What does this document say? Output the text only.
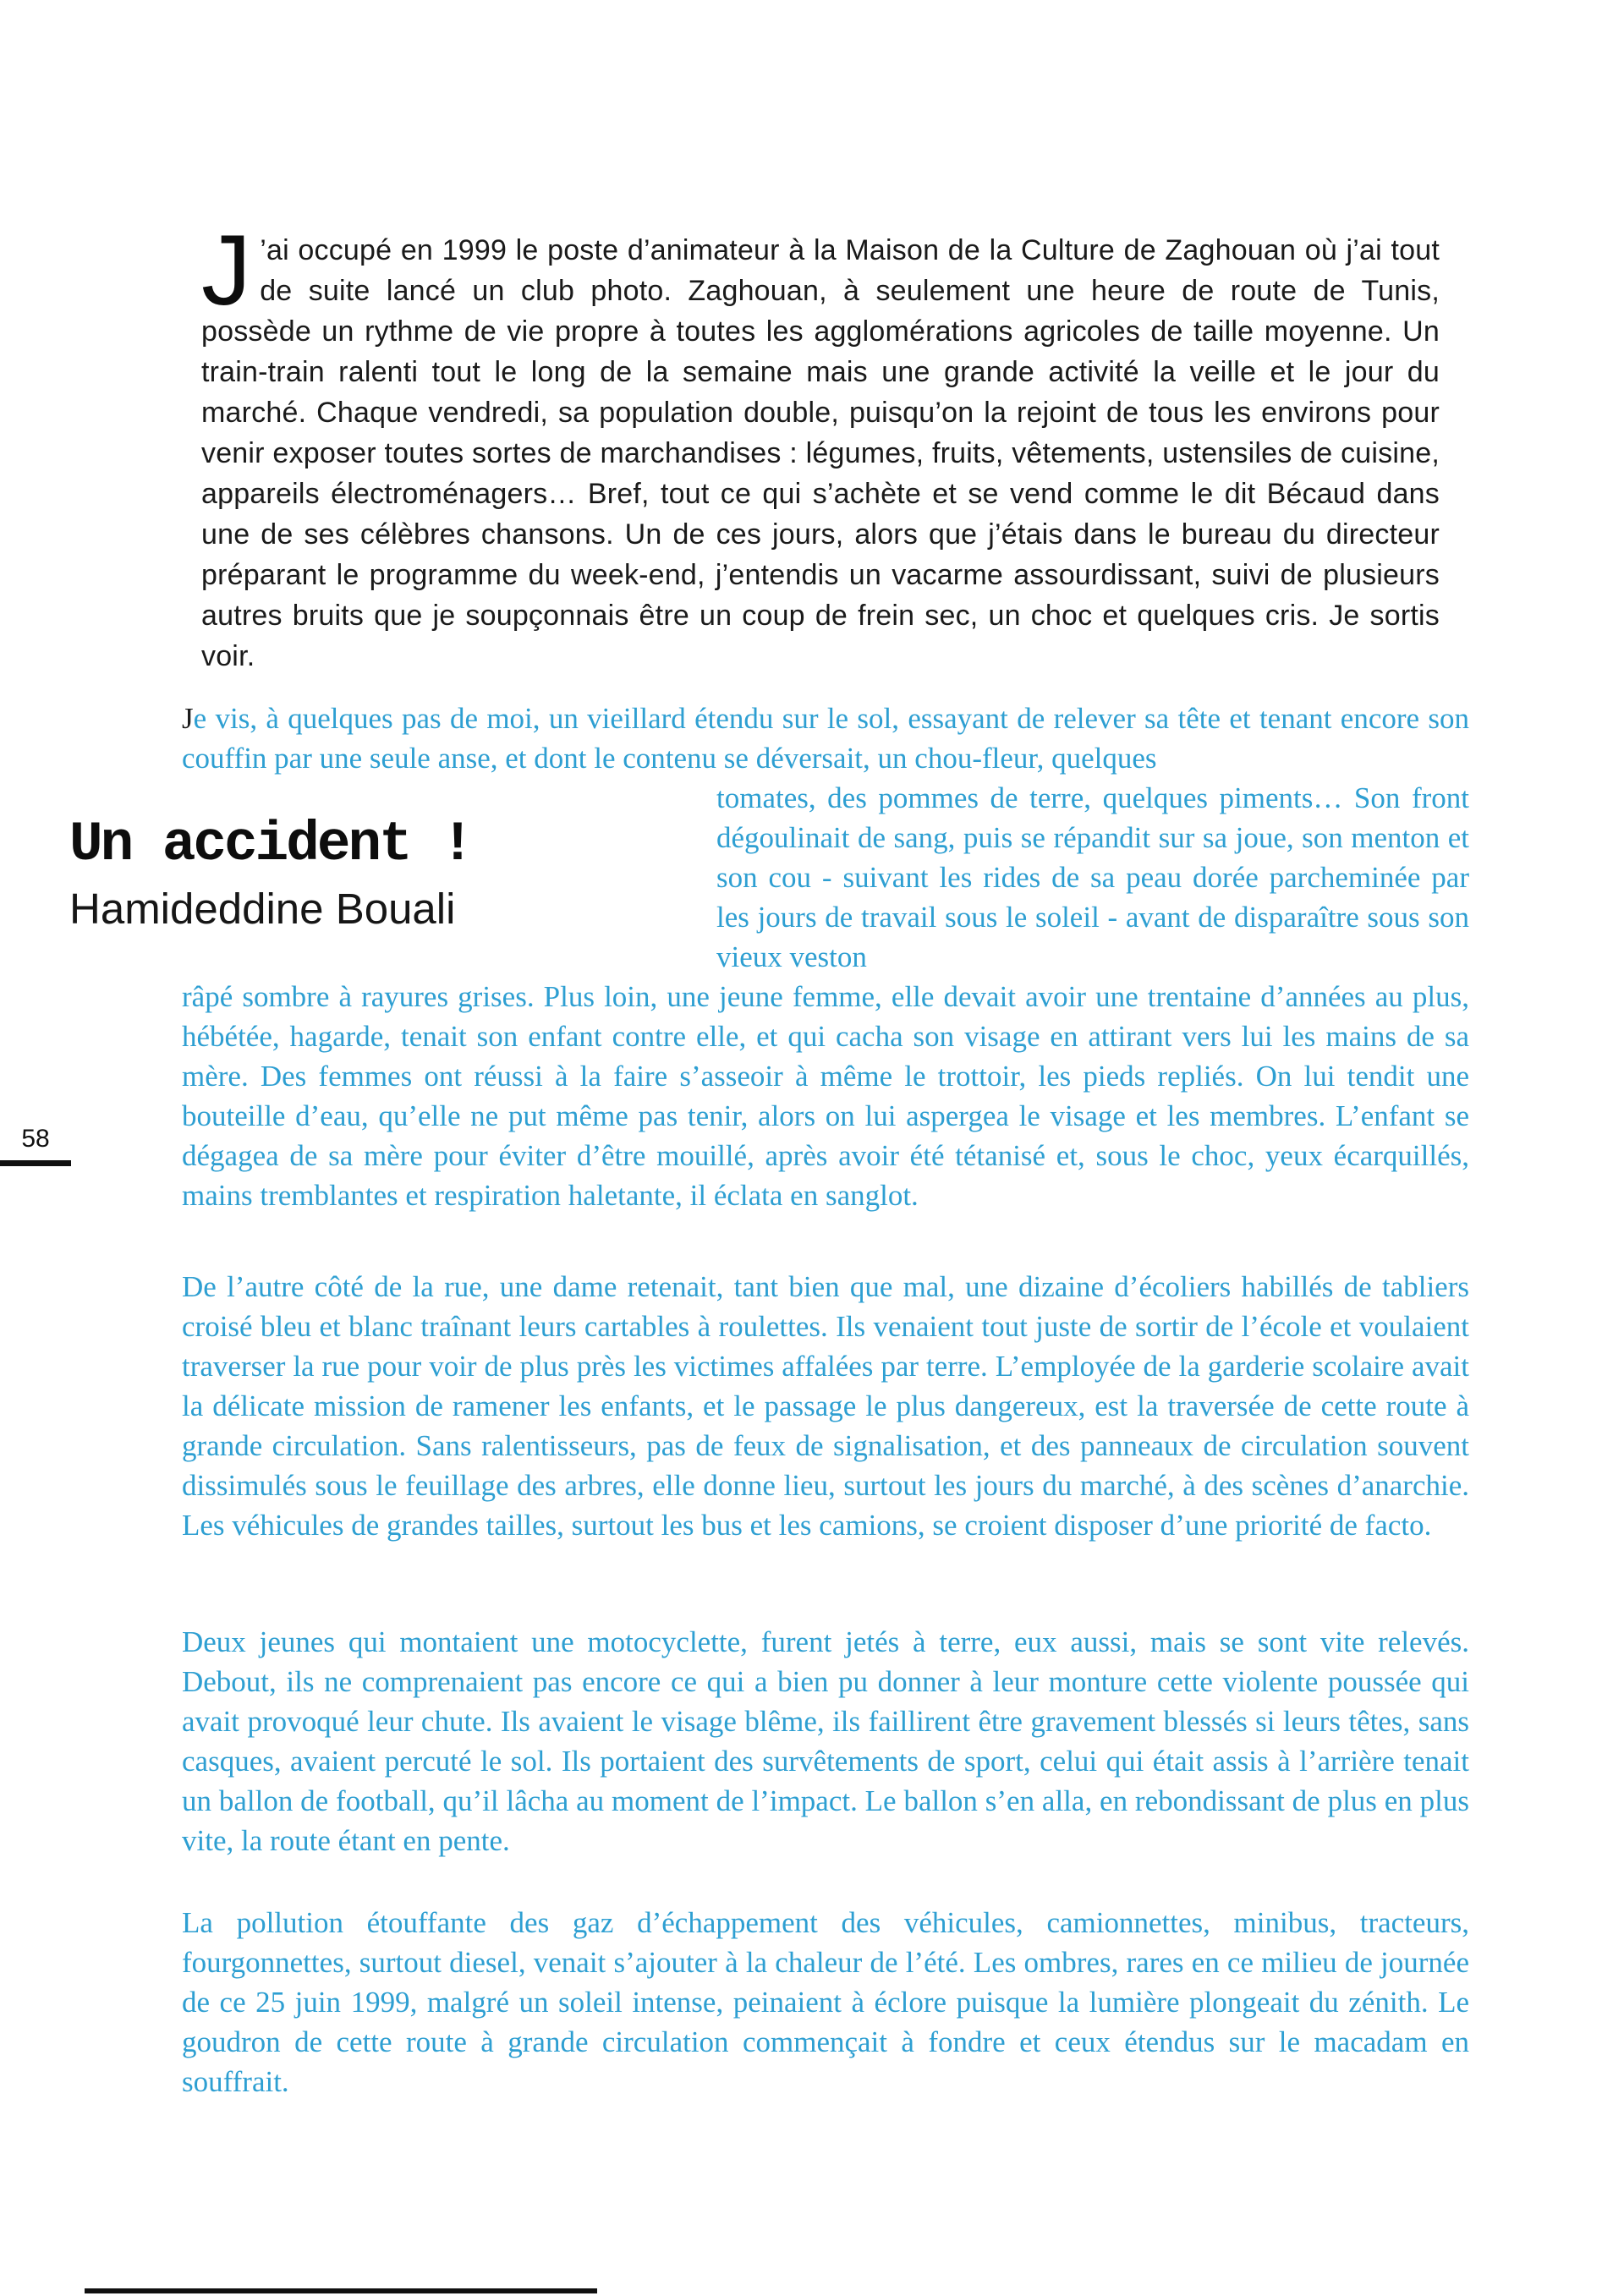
J ’ai occupé en 1999 le poste d’animateur à la Maison de la Culture de Zaghouan où j’ai tout de suite lancé un club photo. Zaghouan, à seulement une heure de route de Tunis, possède un rythme de vie propre à toutes les agglomérations agricoles de taille moyenne. Un train-train ralenti tout le long de la semaine mais une grande activité la veille et le jour du marché. Chaque vendredi, sa population double, puisqu’on la rejoint de tous les environs pour venir exposer toutes sortes de marchandises : légumes, fruits, vêtements, ustensiles de cuisine, appareils électroménagers… Bref, tout ce qui s’achète et se vend comme le dit Bécaud dans une de ses célèbres chansons. Un de ces jours, alors que j’étais dans le bureau du directeur préparant le programme du week-end, j’entendis un vacarme assourdissant, suivi de plusieurs autres bruits que je soupçonnais être un coup de frein sec, un choc et quelques cris. Je sortis voir.
Un accident !
Hamideddine Bouali
Je vis, à quelques pas de moi, un vieillard étendu sur le sol, essayant de relever sa tête et tenant encore son couffin par une seule anse, et dont le contenu se déversait, un chou-fleur, quelques
tomates, des pommes de terre, quelques piments… Son front dégoulinait de sang, puis se répandit sur sa joue, son menton et son cou - suivant les rides de sa peau dorée parcheminée par les jours de travail sous le soleil - avant de disparaître sous son vieux veston
râpé sombre à rayures grises. Plus loin, une jeune femme, elle devait avoir une trentaine d’années au plus, hébétée, hagarde, tenait son enfant contre elle, et qui cacha son visage en attirant vers lui les mains de sa mère. Des femmes ont réussi à la faire s’asseoir à même le trottoir, les pieds repliés. On lui tendit une bouteille d’eau, qu’elle ne put même pas tenir, alors on lui aspergea le visage et les membres. L’enfant se dégagea de sa mère pour éviter d’être mouillé, après avoir été tétanisé et, sous le choc, yeux écarquillés, mains tremblantes et respiration haletante, il éclata en sanglot.
De l’autre côté de la rue, une dame retenait, tant bien que mal, une dizaine d’écoliers habillés de tabliers croisé bleu et blanc traînant leurs cartables à roulettes. Ils venaient tout juste de sortir de l’école et voulaient traverser la rue pour voir de plus près les victimes affalées par terre. L’employée de la garderie scolaire avait la délicate mission de ramener les enfants, et le passage le plus dangereux, est la traversée de cette route à grande circulation. Sans ralentisseurs, pas de feux de signalisation, et des panneaux de circulation souvent dissimulés sous le feuillage des arbres, elle donne lieu, surtout les jours du marché, à des scènes d’anarchie. Les véhicules de grandes tailles, surtout les bus et les camions, se croient disposer d’une priorité de facto.
Deux jeunes qui montaient une motocyclette, furent jetés à terre, eux aussi, mais se sont vite relevés. Debout, ils ne comprenaient pas encore ce qui a bien pu donner à leur monture cette violente poussée qui avait provoqué leur chute. Ils avaient le visage blême, ils faillirent être gravement blessés si leurs têtes, sans casques, avaient percuté le sol. Ils portaient des survêtements de sport, celui qui était assis à l’arrière tenait un ballon de football, qu’il lâcha au moment de l’impact. Le ballon s’en alla, en rebondissant de plus en plus vite, la route étant en pente.
La pollution étouffante des gaz d’échappement des véhicules, camionnettes, minibus, tracteurs, fourgonnettes, surtout diesel, venait s’ajouter à la chaleur de l’été. Les ombres, rares en ce milieu de journée de ce 25 juin 1999, malgré un soleil intense, peinaient à éclore puisque la lumière plongeait du zénith. Le goudron de cette route à grande circulation commençait à fondre et ceux étendus sur le macadam en souffrait.
58
